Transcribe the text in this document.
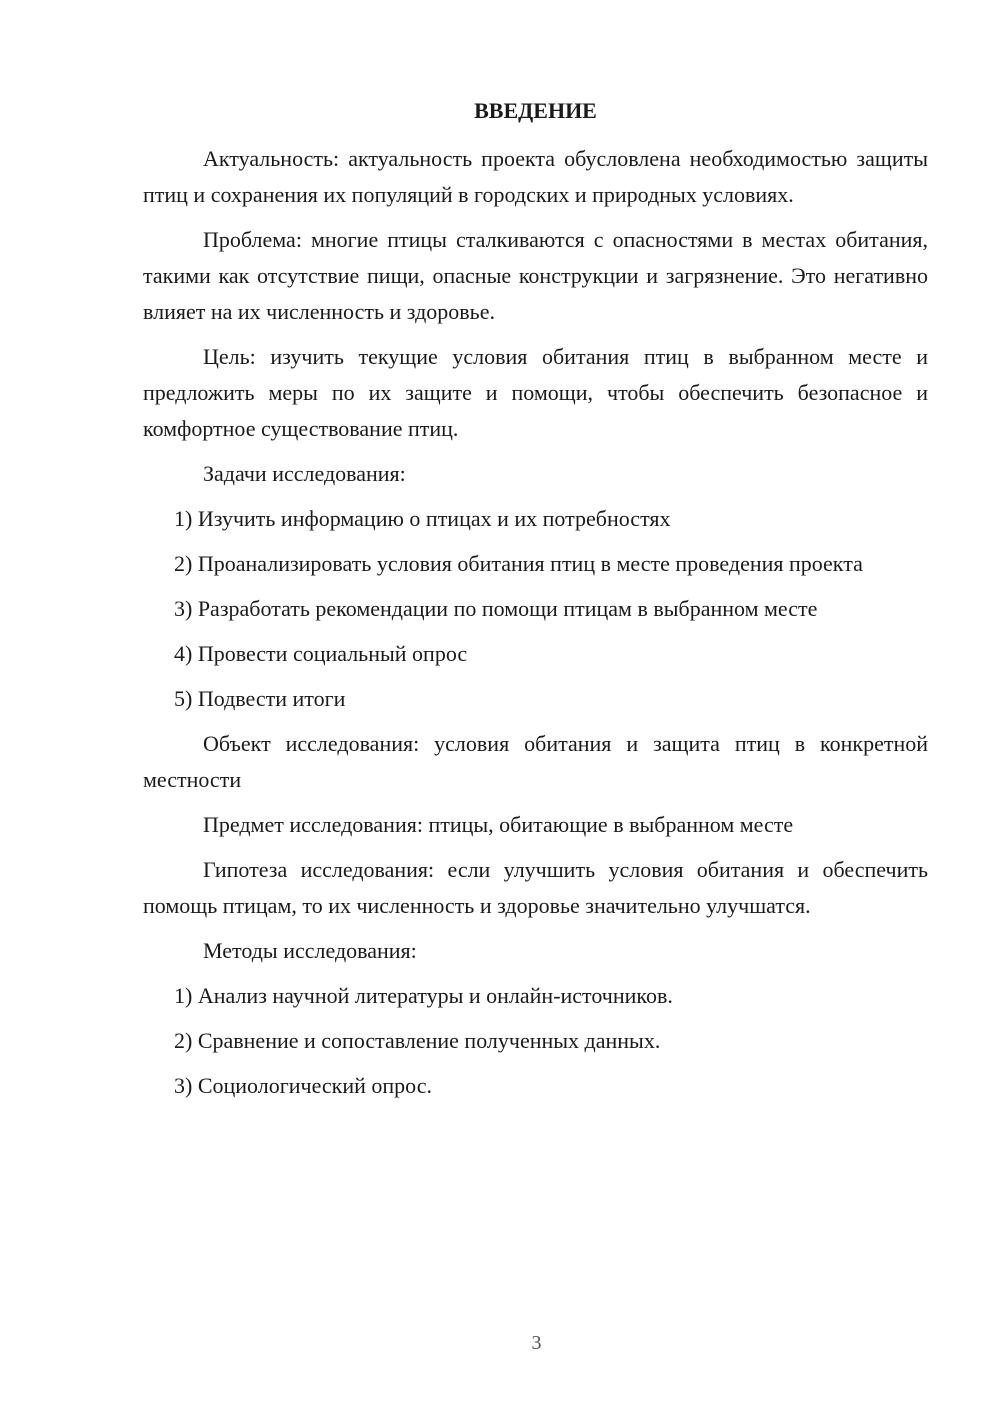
ВВЕДЕНИЕ

Актуальность: актуальность проекта обусловлена необходимостью защиты птиц и сохранения их популяций в городских и природных условиях.

Проблема: многие птицы сталкиваются с опасностями в местах обитания, такими как отсутствие пищи, опасные конструкции и загрязнение. Это негативно влияет на их численность и здоровье.

Цель: изучить текущие условия обитания птиц в выбранном месте и предложить меры по их защите и помощи, чтобы обеспечить безопасное и комфортное существование птиц.

Задачи исследования:

1) Изучить информацию о птицах и их потребностях

2) Проанализировать условия обитания птиц в месте проведения проекта

3) Разработать рекомендации по помощи птицам в выбранном месте

4) Провести социальный опрос

5) Подвести итоги

Объект исследования: условия обитания и защита птиц в конкретной местности

Предмет исследования: птицы, обитающие в выбранном месте

Гипотеза исследования: если улучшить условия обитания и обеспечить помощь птицам, то их численность и здоровье значительно улучшатся.

Методы исследования:

1) Анализ научной литературы и онлайн-источников.

2) Сравнение и сопоставление полученных данных.

3) Социологический опрос.

3
